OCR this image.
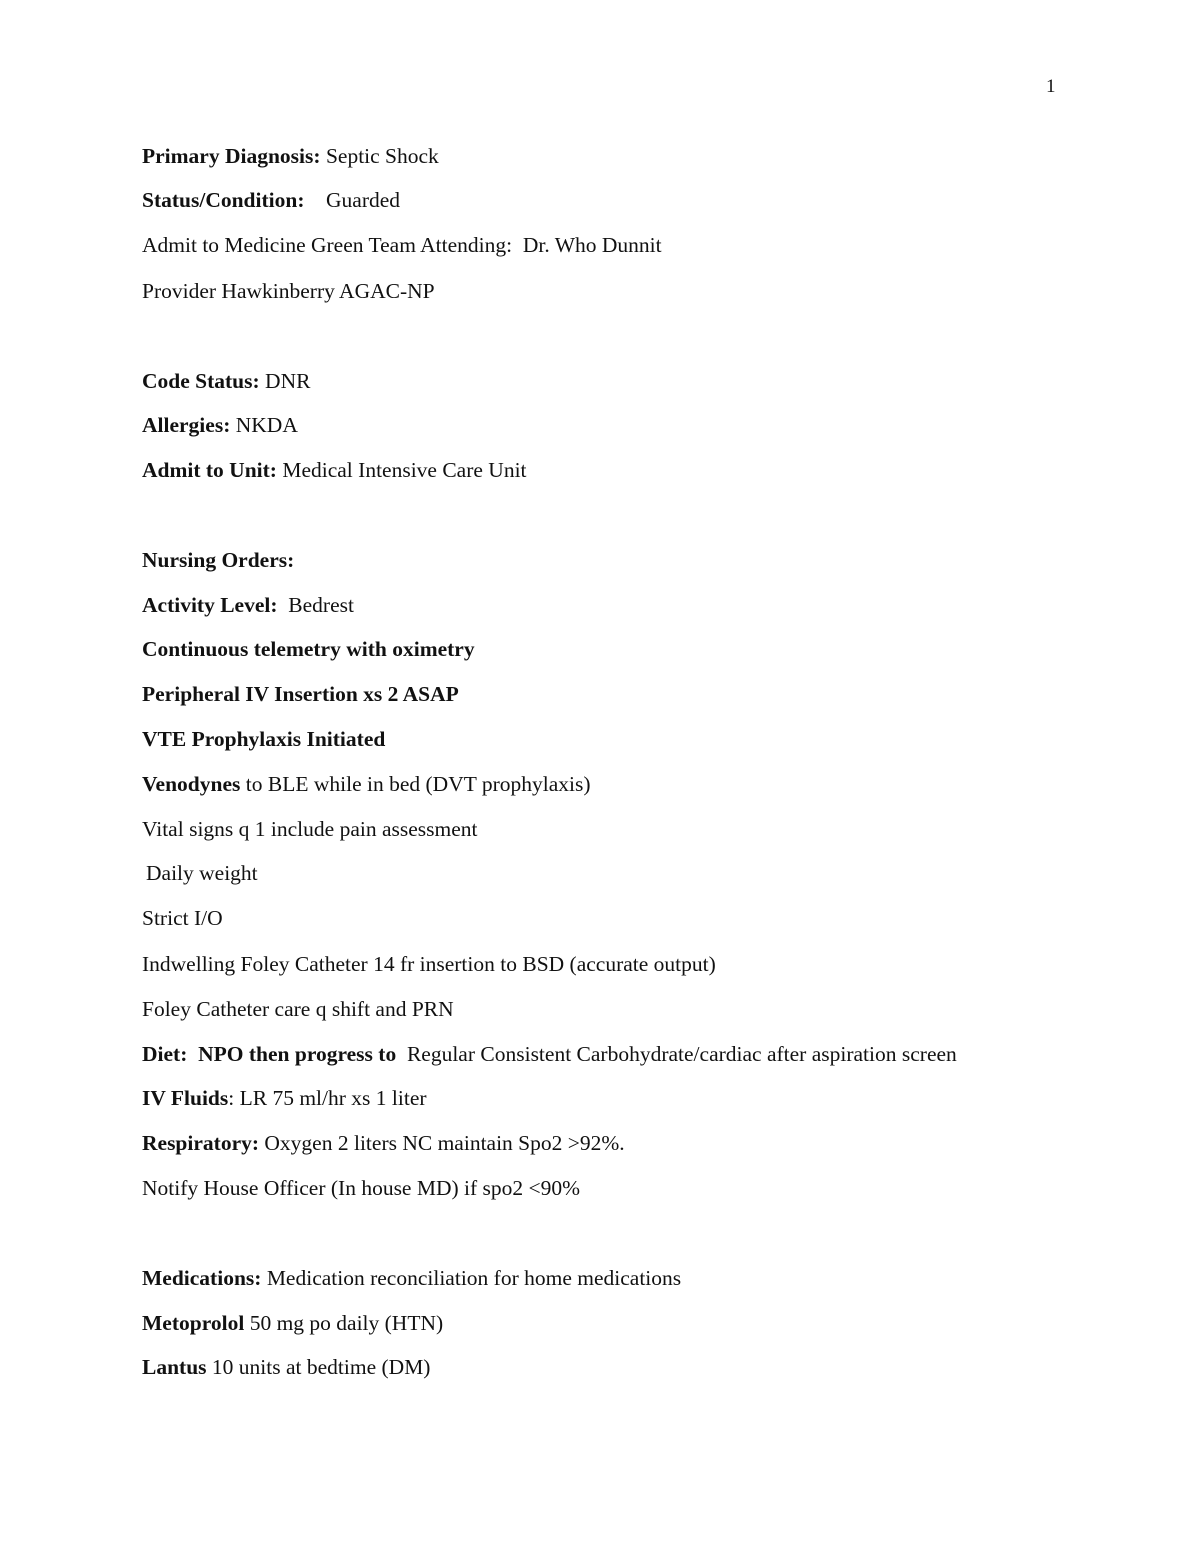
1
Primary Diagnosis: Septic Shock
Status/Condition:    Guarded
Admit to Medicine Green Team Attending:  Dr. Who Dunnit
Provider Hawkinberry AGAC-NP
Code Status: DNR
Allergies: NKDA
Admit to Unit: Medical Intensive Care Unit
Nursing Orders:
Activity Level:  Bedrest
Continuous telemetry with oximetry
Peripheral IV Insertion xs 2 ASAP
VTE Prophylaxis Initiated
Venodynes to BLE while in bed (DVT prophylaxis)
Vital signs q 1 include pain assessment
Daily weight
Strict I/O
Indwelling Foley Catheter 14 fr insertion to BSD (accurate output)
Foley Catheter care q shift and PRN
Diet:  NPO then progress to  Regular Consistent Carbohydrate/cardiac after aspiration screen
IV Fluids: LR 75 ml/hr xs 1 liter
Respiratory: Oxygen 2 liters NC maintain Spo2 >92%.
Notify House Officer (In house MD) if spo2 <90%
Medications: Medication reconciliation for home medications
Metoprolol 50 mg po daily (HTN)
Lantus 10 units at bedtime (DM)
